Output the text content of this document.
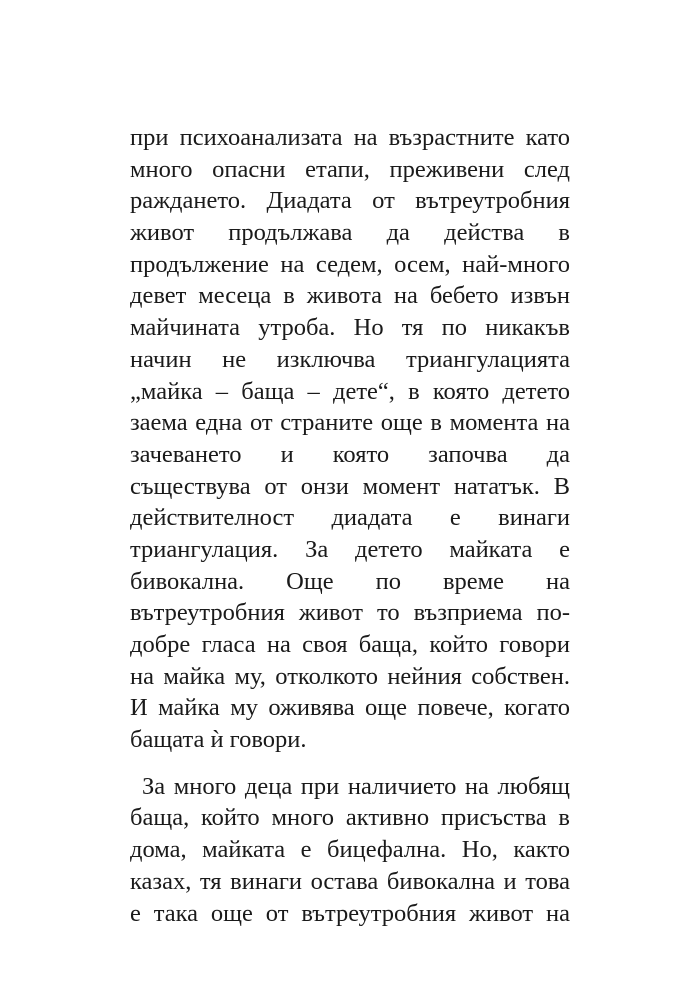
при психоанализата на възрастните като
много опасни етапи, преживени след
раждането. Диадата от вътреутробния
живот продължава да действа в
продължение на седем, осем, най-много
девет месеца в живота на бебето извън
майчината утроба. Но тя по никакъв
начин не изключва триангулацията
„майка – баща – дете“, в която детето
заема една от страните още в момента на
зачеването и която започва да
съществува от онзи момент нататък. В
действителност диадата е винаги
триангулация. За детето майката е
бивокална. Още по време на
вътреутробния живот то възприема по-
добре гласа на своя баща, който говори
на майка му, отколкото нейния собствен.
И майка му оживява още повече, когато
бащата ѝ говори.
За много деца при наличието на любящ
баща, който много активно присъства в
дома, майката е бицефална. Но, както
казах, тя винаги остава бивокална и това
е така още от вътреутробния живот на
